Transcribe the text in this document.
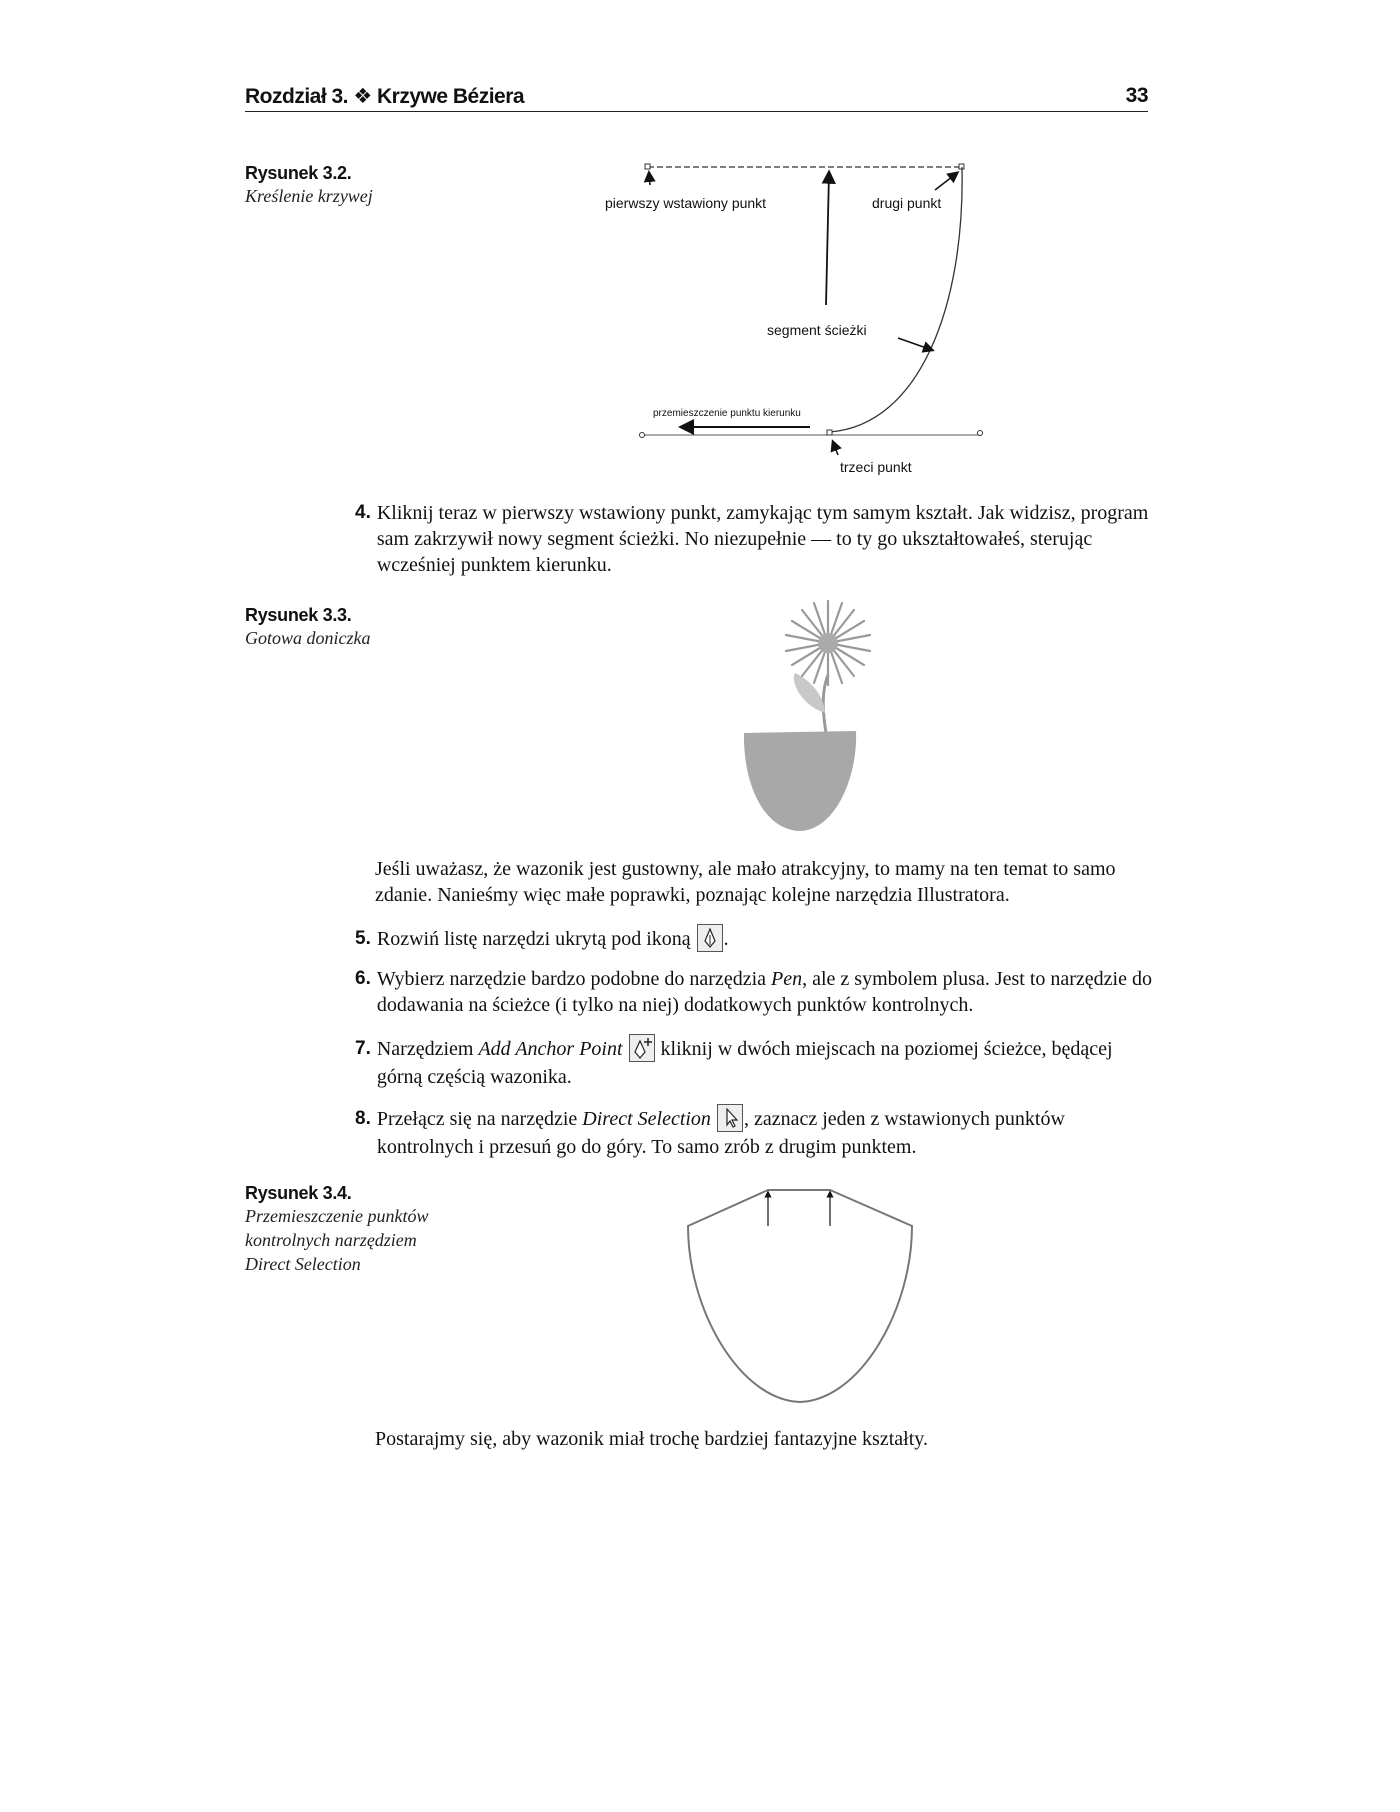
Rozdział 3. ❖ Krzywe Béziera	33
Rysunek 3.2.
Kreślenie krzywej	pierwszy wstawiony punkt	drugi punkt
segment ścieżki
przemieszczenie punktu kierunku
trzeci punkt
4. Kliknij teraz w pierwszy wstawiony punkt, zamykając tym samym kształt. Jak widzisz, program sam zakrzywił nowy segment ścieżki. No niezupełnie — to ty go ukształtowałeś, sterując wcześniej punktem kierunku.
Rysunek 3.3.
Gotowa doniczka
Jeśli uważasz, że wazonik jest gustowny, ale mało atrakcyjny, to mamy na ten temat to samo zdanie. Nanieśmy więc małe poprawki, poznając kolejne narzędzia Illustratora.
5. Rozwiń listę narzędzi ukrytą pod ikoną .
6. Wybierz narzędzie bardzo podobne do narzędzia Pen, ale z symbolem plusa. Jest to narzędzie do dodawania na ścieżce (i tylko na niej) dodatkowych punktów kontrolnych.
7. Narzędziem Add Anchor Point kliknij w dwóch miejscach na poziomej ścieżce, będącej górną częścią wazonika.
8. Przełącz się na narzędzie Direct Selection , zaznacz jeden z wstawionych punktów kontrolnych i przesuń go do góry. To samo zrób z drugim punktem.
Rysunek 3.4.
Przemieszczenie punktów kontrolnych narzędziem Direct Selection
Postarajmy się, aby wazonik miał trochę bardziej fantazyjne kształty.
